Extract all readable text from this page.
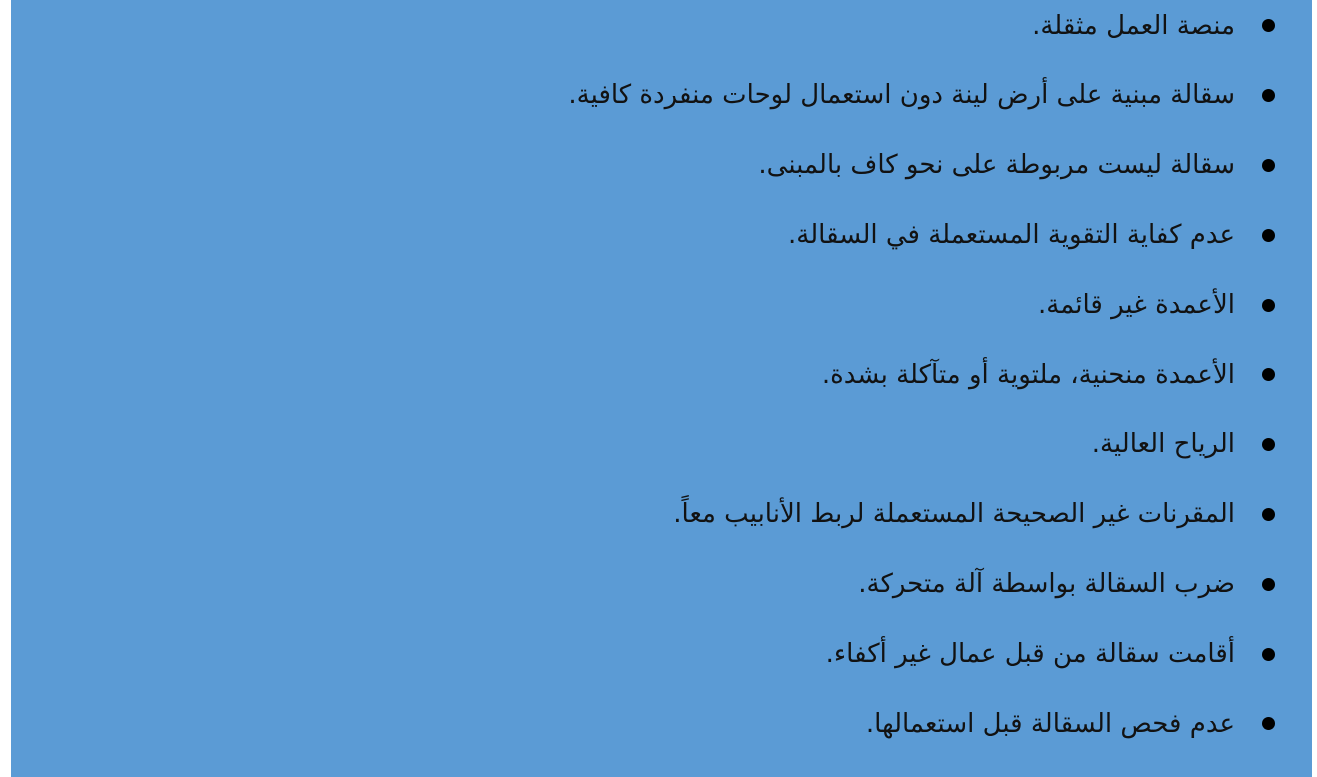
منصة العمل مثقلة.
سقالة مبنية على أرض لينة دون استعمال لوحات منفردة كافية.
سقالة ليست مربوطة على نحو كاف بالمبنى.
عدم كفاية التقوية المستعملة في السقالة.
الأعمدة غير قائمة.
الأعمدة منحنية، ملتوية أو متآكلة بشدة.
الرياح العالية.
المقرنات غير الصحيحة المستعملة لربط الأنابيب معاً.
ضرب السقالة بواسطة آلة متحركة.
أقامت سقالة من قبل عمال غير أكفاء.
عدم فحص السقالة قبل استعمالها.
